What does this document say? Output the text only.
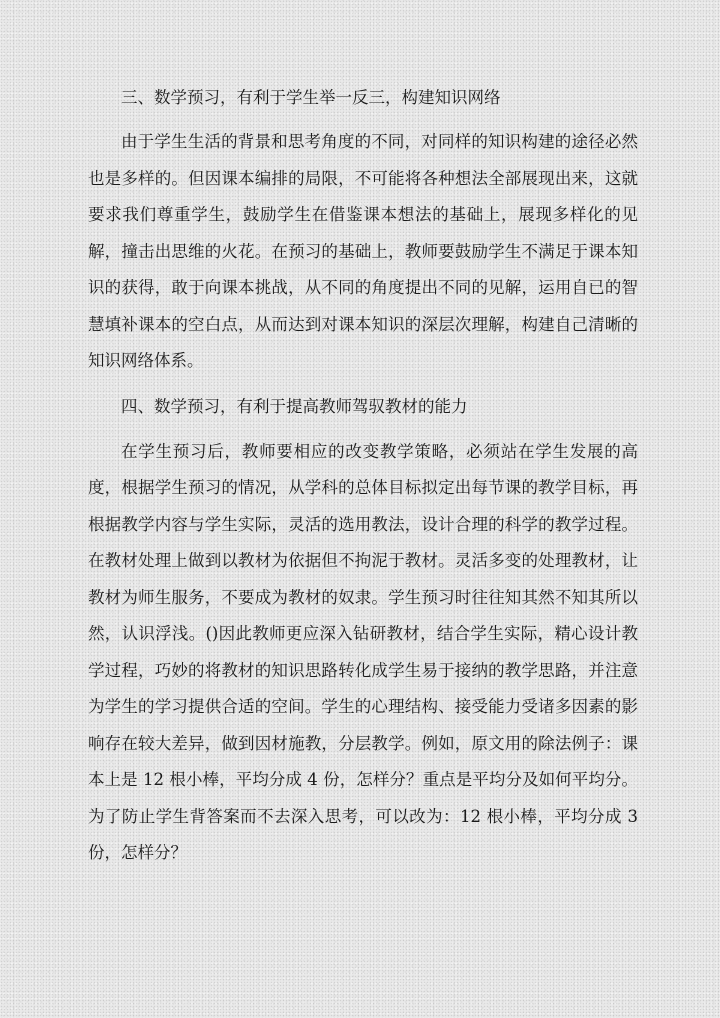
三、数学预习，有利于学生举一反三，构建知识网络

由于学生生活的背景和思考角度的不同，对同样的知识构建的途径必然也是多样的。但因课本编排的局限，不可能将各种想法全部展现出来，这就要求我们尊重学生，鼓励学生在借鉴课本想法的基础上，展现多样化的见解，撞击出思维的火花。在预习的基础上，教师要鼓励学生不满足于课本知识的获得，敢于向课本挑战，从不同的角度提出不同的见解，运用自已的智慧填补课本的空白点，从而达到对课本知识的深层次理解，构建自己清晰的知识网络体系。

四、数学预习，有利于提高教师驾驭教材的能力

在学生预习后，教师要相应的改变教学策略，必须站在学生发展的高度，根据学生预习的情况，从学科的总体目标拟定出每节课的教学目标，再根据教学内容与学生实际，灵活的选用教法，设计合理的科学的教学过程。在教材处理上做到以教材为依据但不拘泥于教材。灵活多变的处理教材，让教材为师生服务，不要成为教材的奴隶。学生预习时往往知其然不知其所以然，认识浮浅。()因此教师更应深入钻研教材，结合学生实际，精心设计教学过程，巧妙的将教材的知识思路转化成学生易于接纳的教学思路，并注意为学生的学习提供合适的空间。学生的心理结构、接受能力受诸多因素的影响存在较大差异，做到因材施教，分层教学。例如，原文用的除法例子：课本上是 12 根小棒，平均分成 4 份，怎样分？重点是平均分及如何平均分。为了防止学生背答案而不去深入思考，可以改为：12 根小棒，平均分成 3 份，怎样分？
